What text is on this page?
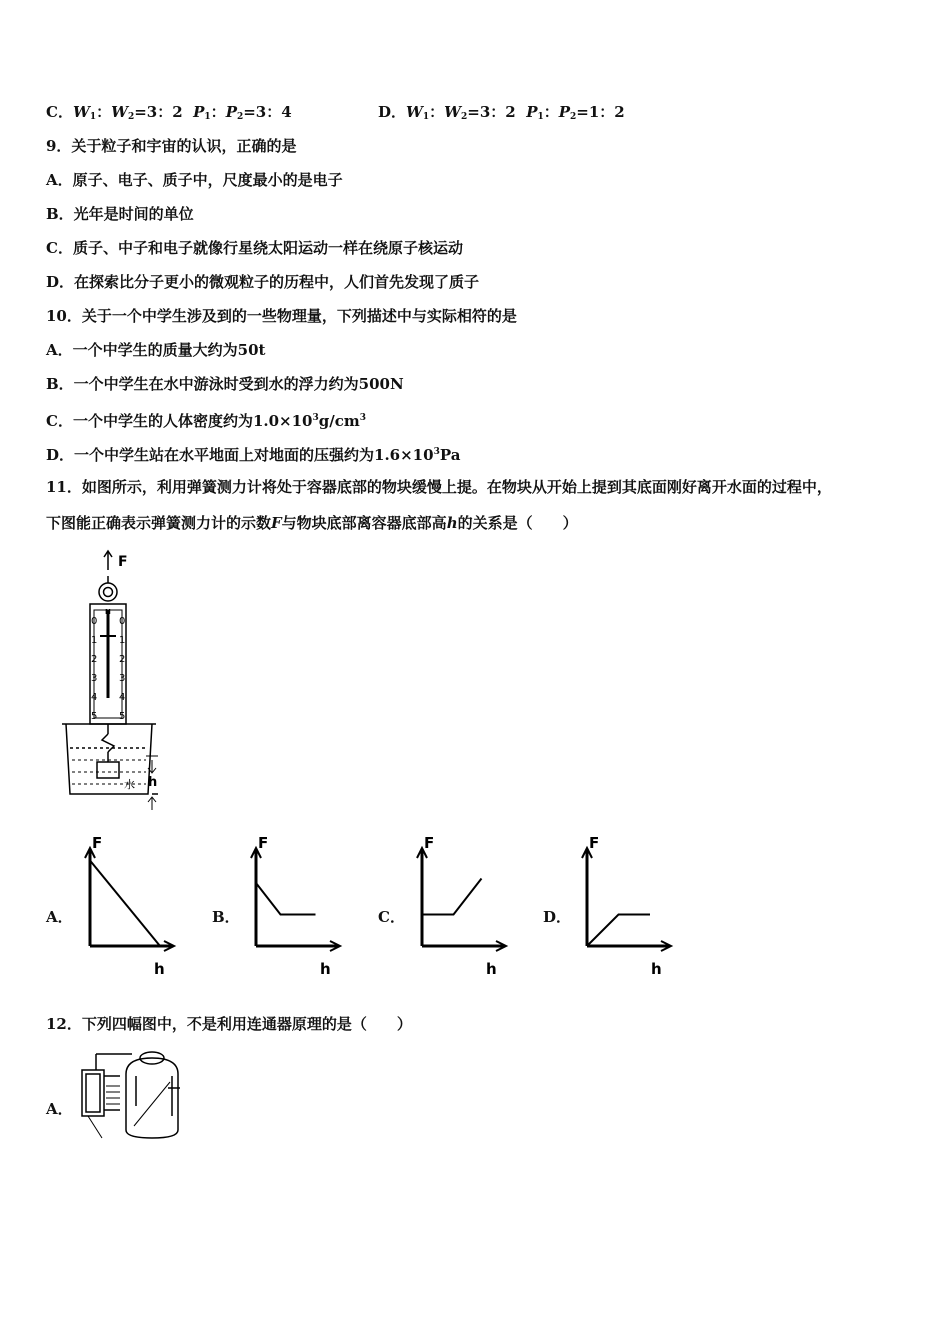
C．$W_1$：$W_2=3$：2 $P_1$：$P_2=3$：4	D．$W_1$：$W_2=3$：2 $P_1$：$P_2=1$：2
9．关于粒子和宇宙的认识，正确的是
A．原子、电子、质子中，尺度最小的是电子
B．光年是时间的单位
C．质子、中子和电子就像行星绕太阳运动一样在绕原子核运动
D．在探索比分子更小的微观粒子的历程中，人们首先发现了质子
10．关于一个中学生涉及到的一些物理量，下列描述中与实际相符的是
A．一个中学生的质量大约为50t
B．一个中学生在水中游泳时受到水的浮力约为500N
C．一个中学生的人体密度约为$1.0\times 10^3g/cm^3$
D．一个中学生站在水平地面上对地面的压强约为$1.6\times 10^3Pa$
11．如图所示，利用弹簧测力计将处于容器底部的物块缓慢上提。在物块从开始上提到其底面刚好离开水面的过程中，
下图能正确表示弹簧测力计的示数F与物块底部离容器底部高h的关系是（　　）
F
N
0
1
2
3
4
5
0
1
2
3
4
5
水 h
A．
F
h
B．
F
h
C．
F
h
D．
F
h
12．下列四幅图中，不是利用连通器原理的是（　　）
A．
